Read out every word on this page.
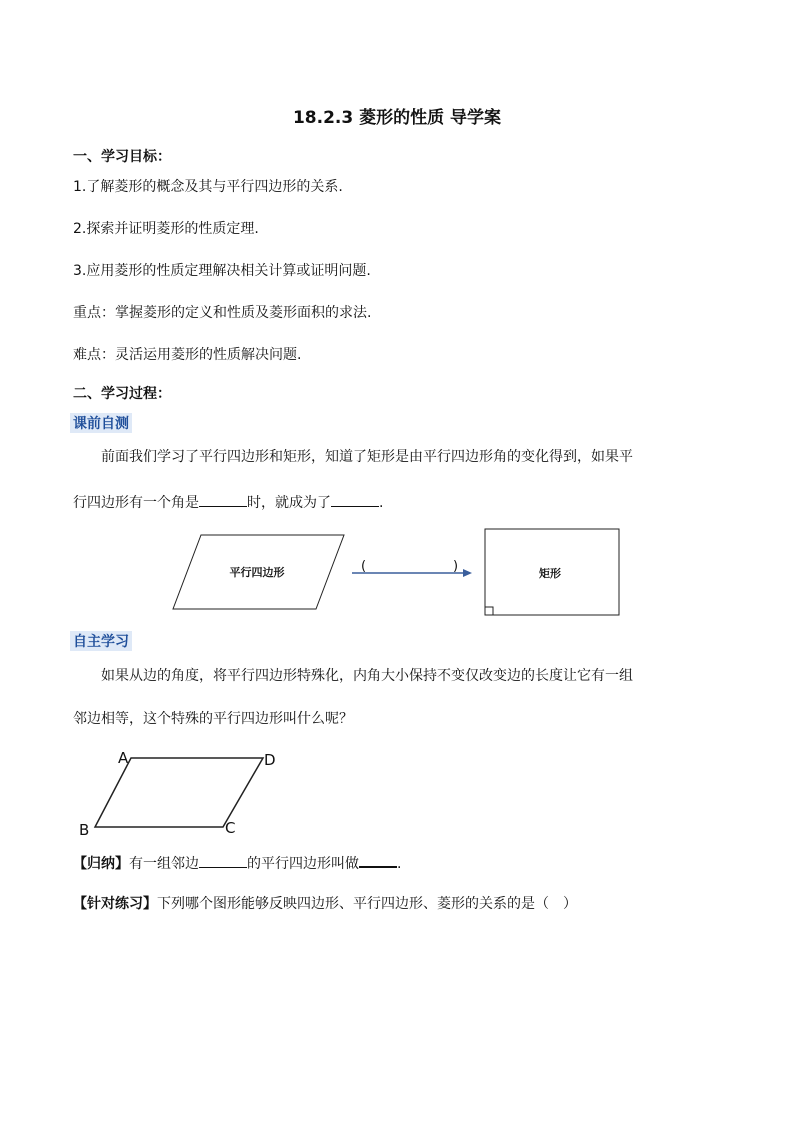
18.2.3 菱形的性质 导学案
一、学习目标：
1.了解菱形的概念及其与平行四边形的关系.
2.探索并证明菱形的性质定理.
3.应用菱形的性质定理解决相关计算或证明问题.
重点：掌握菱形的定义和性质及菱形面积的求法.
难点：灵活运用菱形的性质解决问题.
二、学习过程：
课前自测
前面我们学习了平行四边形和矩形，知道了矩形是由平行四边形角的变化得到，如果平
行四边形有一个角是	时，就成为了	.
平行四边形	(	)	矩形
自主学习
如果从边的角度，将平行四边形特殊化，内角大小保持不变仅改变边的长度让它有一组
邻边相等，这个特殊的平行四边形叫什么呢？
A	D
B	C
【归纳】有一组邻边	的平行四边形叫做	.
【针对练习】下列哪个图形能够反映四边形、平行四边形、菱形的关系的是（　）
